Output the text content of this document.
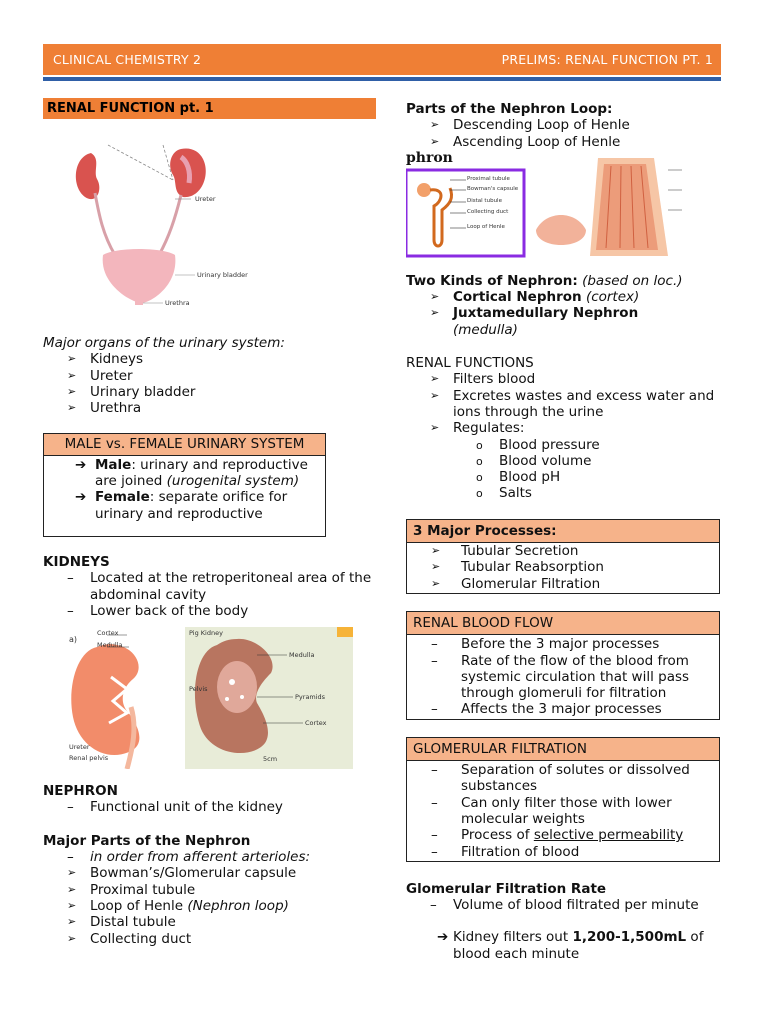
CLINICAL CHEMISTRY 2	PRELIMS: RENAL FUNCTION PT. 1
RENAL FUNCTION pt. 1
Ureter
Urinary bladder
Urethra
Major organs of the urinary system:
➢ Kidneys
➢ Ureter
➢ Urinary bladder
➢ Urethra
MALE vs. FEMALE URINARY SYSTEM
➔ Male: urinary and reproductive are joined (urogenital system)
➔ Female: separate orifice for urinary and reproductive
KIDNEYS
– Located at the retroperitoneal area of the abdominal cavity
– Lower back of the body
a)
Cortex
Medulla
Ureter
Renal pelvis
Pig Kidney
Medulla
Pelvis
Pyramids
Cortex
5cm
NEPHRON
– Functional unit of the kidney
Major Parts of the Nephron
– in order from afferent arterioles:
➢ Bowman’s/Glomerular capsule
➢ Proximal tubule
➢ Loop of Henle (Nephron loop)
➢ Distal tubule
➢ Collecting duct
Parts of the Nephron Loop:
➢ Descending Loop of Henle
➢ Ascending Loop of Henle
phron
Proximal tubule
Bowman's capsule
Distal tubule
Collecting duct
Loop of Henle
Two Kinds of Nephron: (based on loc.)
➢ Cortical Nephron (cortex)
➢ Juxtamedullary Nephron
(medulla)
RENAL FUNCTIONS
➢ Filters blood
➢ Excretes wastes and excess water and ions through the urine
➢ Regulates:
o Blood pressure
o Blood volume
o Blood pH
o Salts
3 Major Processes:
➢ Tubular Secretion
➢ Tubular Reabsorption
➢ Glomerular Filtration
RENAL BLOOD FLOW
– Before the 3 major processes
– Rate of the flow of the blood from systemic circulation that will pass through glomeruli for filtration
– Affects the 3 major processes
GLOMERULAR FILTRATION
– Separation of solutes or dissolved substances
– Can only filter those with lower molecular weights
– Process of selective permeability
– Filtration of blood
Glomerular Filtration Rate
– Volume of blood filtrated per minute
➔ Kidney filters out 1,200-1,500mL of blood each minute
